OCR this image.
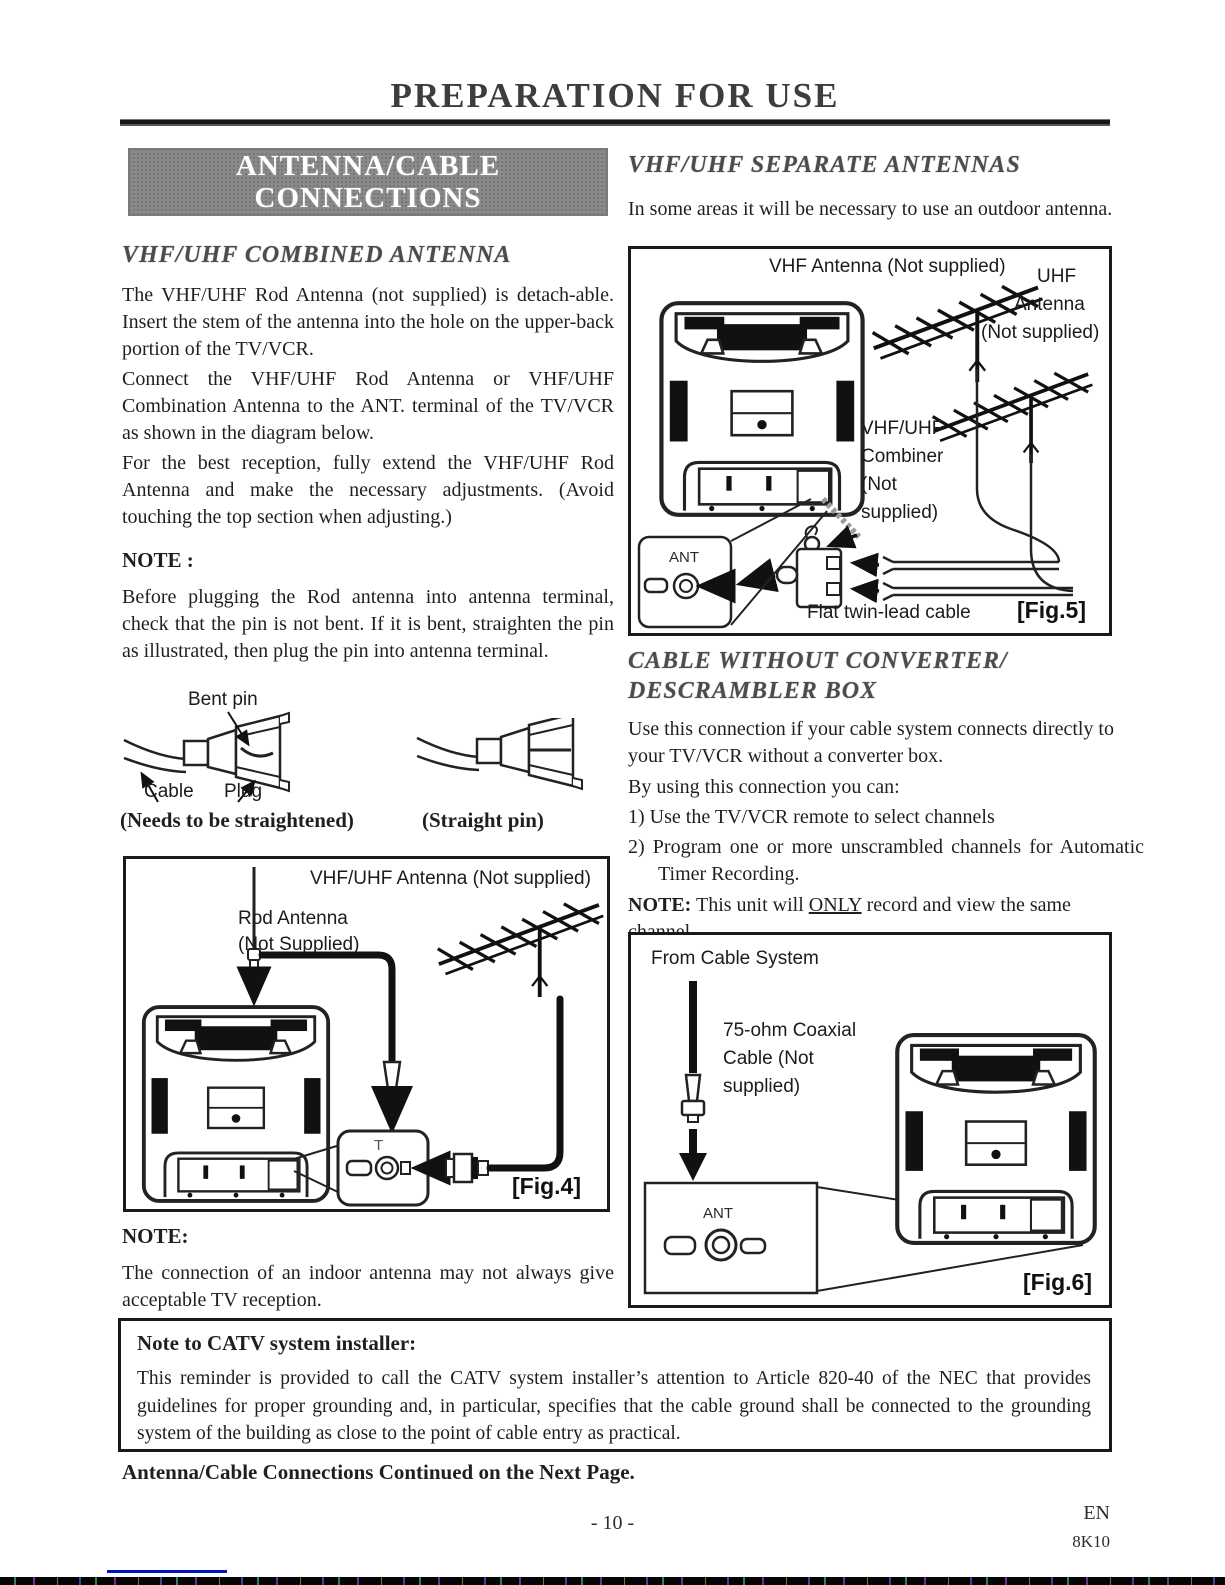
PREPARATION FOR USE
ANTENNA/CABLE
CONNECTIONS
VHF/UHF COMBINED ANTENNA
The VHF/UHF Rod Antenna (not supplied) is detach-able. Insert the stem of the antenna into the hole on the upper-back portion of the TV/VCR.
Connect the VHF/UHF Rod Antenna or VHF/UHF Combination Antenna to the ANT. terminal of the TV/VCR as shown in the diagram below.
For the best reception, fully extend the VHF/UHF Rod Antenna and make the necessary adjustments. (Avoid touching the top section when adjusting.)
NOTE :
Before plugging the Rod antenna into antenna terminal, check that the pin is not bent. If it is bent, straighten the pin as illustrated, then plug the pin into antenna terminal.
Bent pin
Cable Plug
(Needs to be straightened)	(Straight pin)
VHF/UHF Antenna (Not supplied)
Rod Antenna
(Not Supplied)
T
[Fig.4]
NOTE:
The connection of an indoor antenna may not always give acceptable TV reception.
VHF/UHF SEPARATE ANTENNAS
In some areas it will be necessary to use an outdoor antenna.
VHF Antenna (Not supplied) UHF
Antenna
(Not supplied)
VHF/UHF
Combiner
(Not
supplied)
ANT
Flat twin-lead cable [Fig.5]
CABLE WITHOUT CONVERTER/
DESCRAMBLER BOX
Use this connection if your cable system connects directly to your TV/VCR without a converter box.
By using this connection you can:
1) Use the TV/VCR remote to select channels
2) Program one or more unscrambled channels for Automatic Timer Recording.
NOTE: This unit will ONLY record and view the same

From Cable System
75-ohm Coaxial
Cable (Not
supplied)
ANT
[Fig.6]
Note to CATV system installer:
This reminder is provided to call the CATV system installer’s attention to Article 820-40 of the NEC that provides guidelines for proper grounding and, in particular, specifies that the cable ground shall be connected to the grounding system of the building as close to the point of cable entry as practical.
Antenna/Cable Connections Continued on the Next Page.
- 10 -	EN
8K10
